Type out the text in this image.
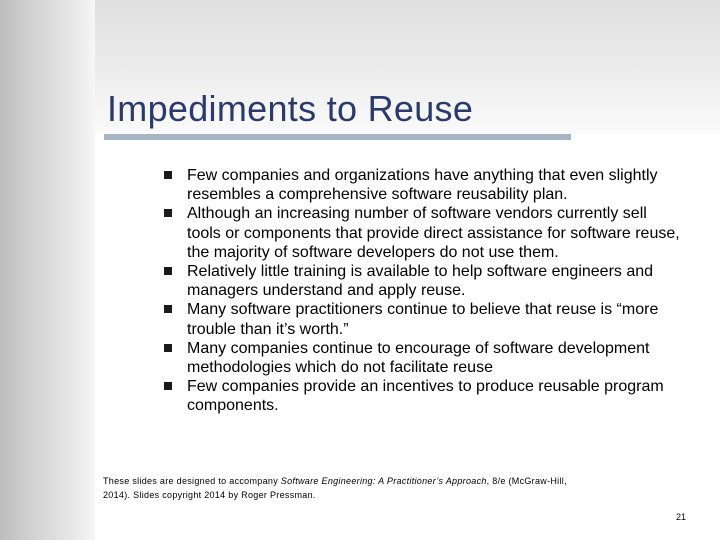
Impediments to Reuse
Few companies and organizations have anything that even slightly resembles a comprehensive software reusability plan.
Although an increasing number of software vendors currently sell tools or components that provide direct assistance for software reuse, the majority of software developers do not use them.
Relatively little training is available to help software engineers and managers understand and apply reuse.
Many software practitioners continue to believe that reuse is “more trouble than it’s worth.”
Many companies continue to encourage of software development methodologies which do not facilitate reuse
Few companies provide an incentives to produce reusable program components.
These slides are designed to accompany Software Engineering: A Practitioner’s Approach, 8/e (McGraw-Hill, 2014). Slides copyright 2014 by Roger Pressman.
21
